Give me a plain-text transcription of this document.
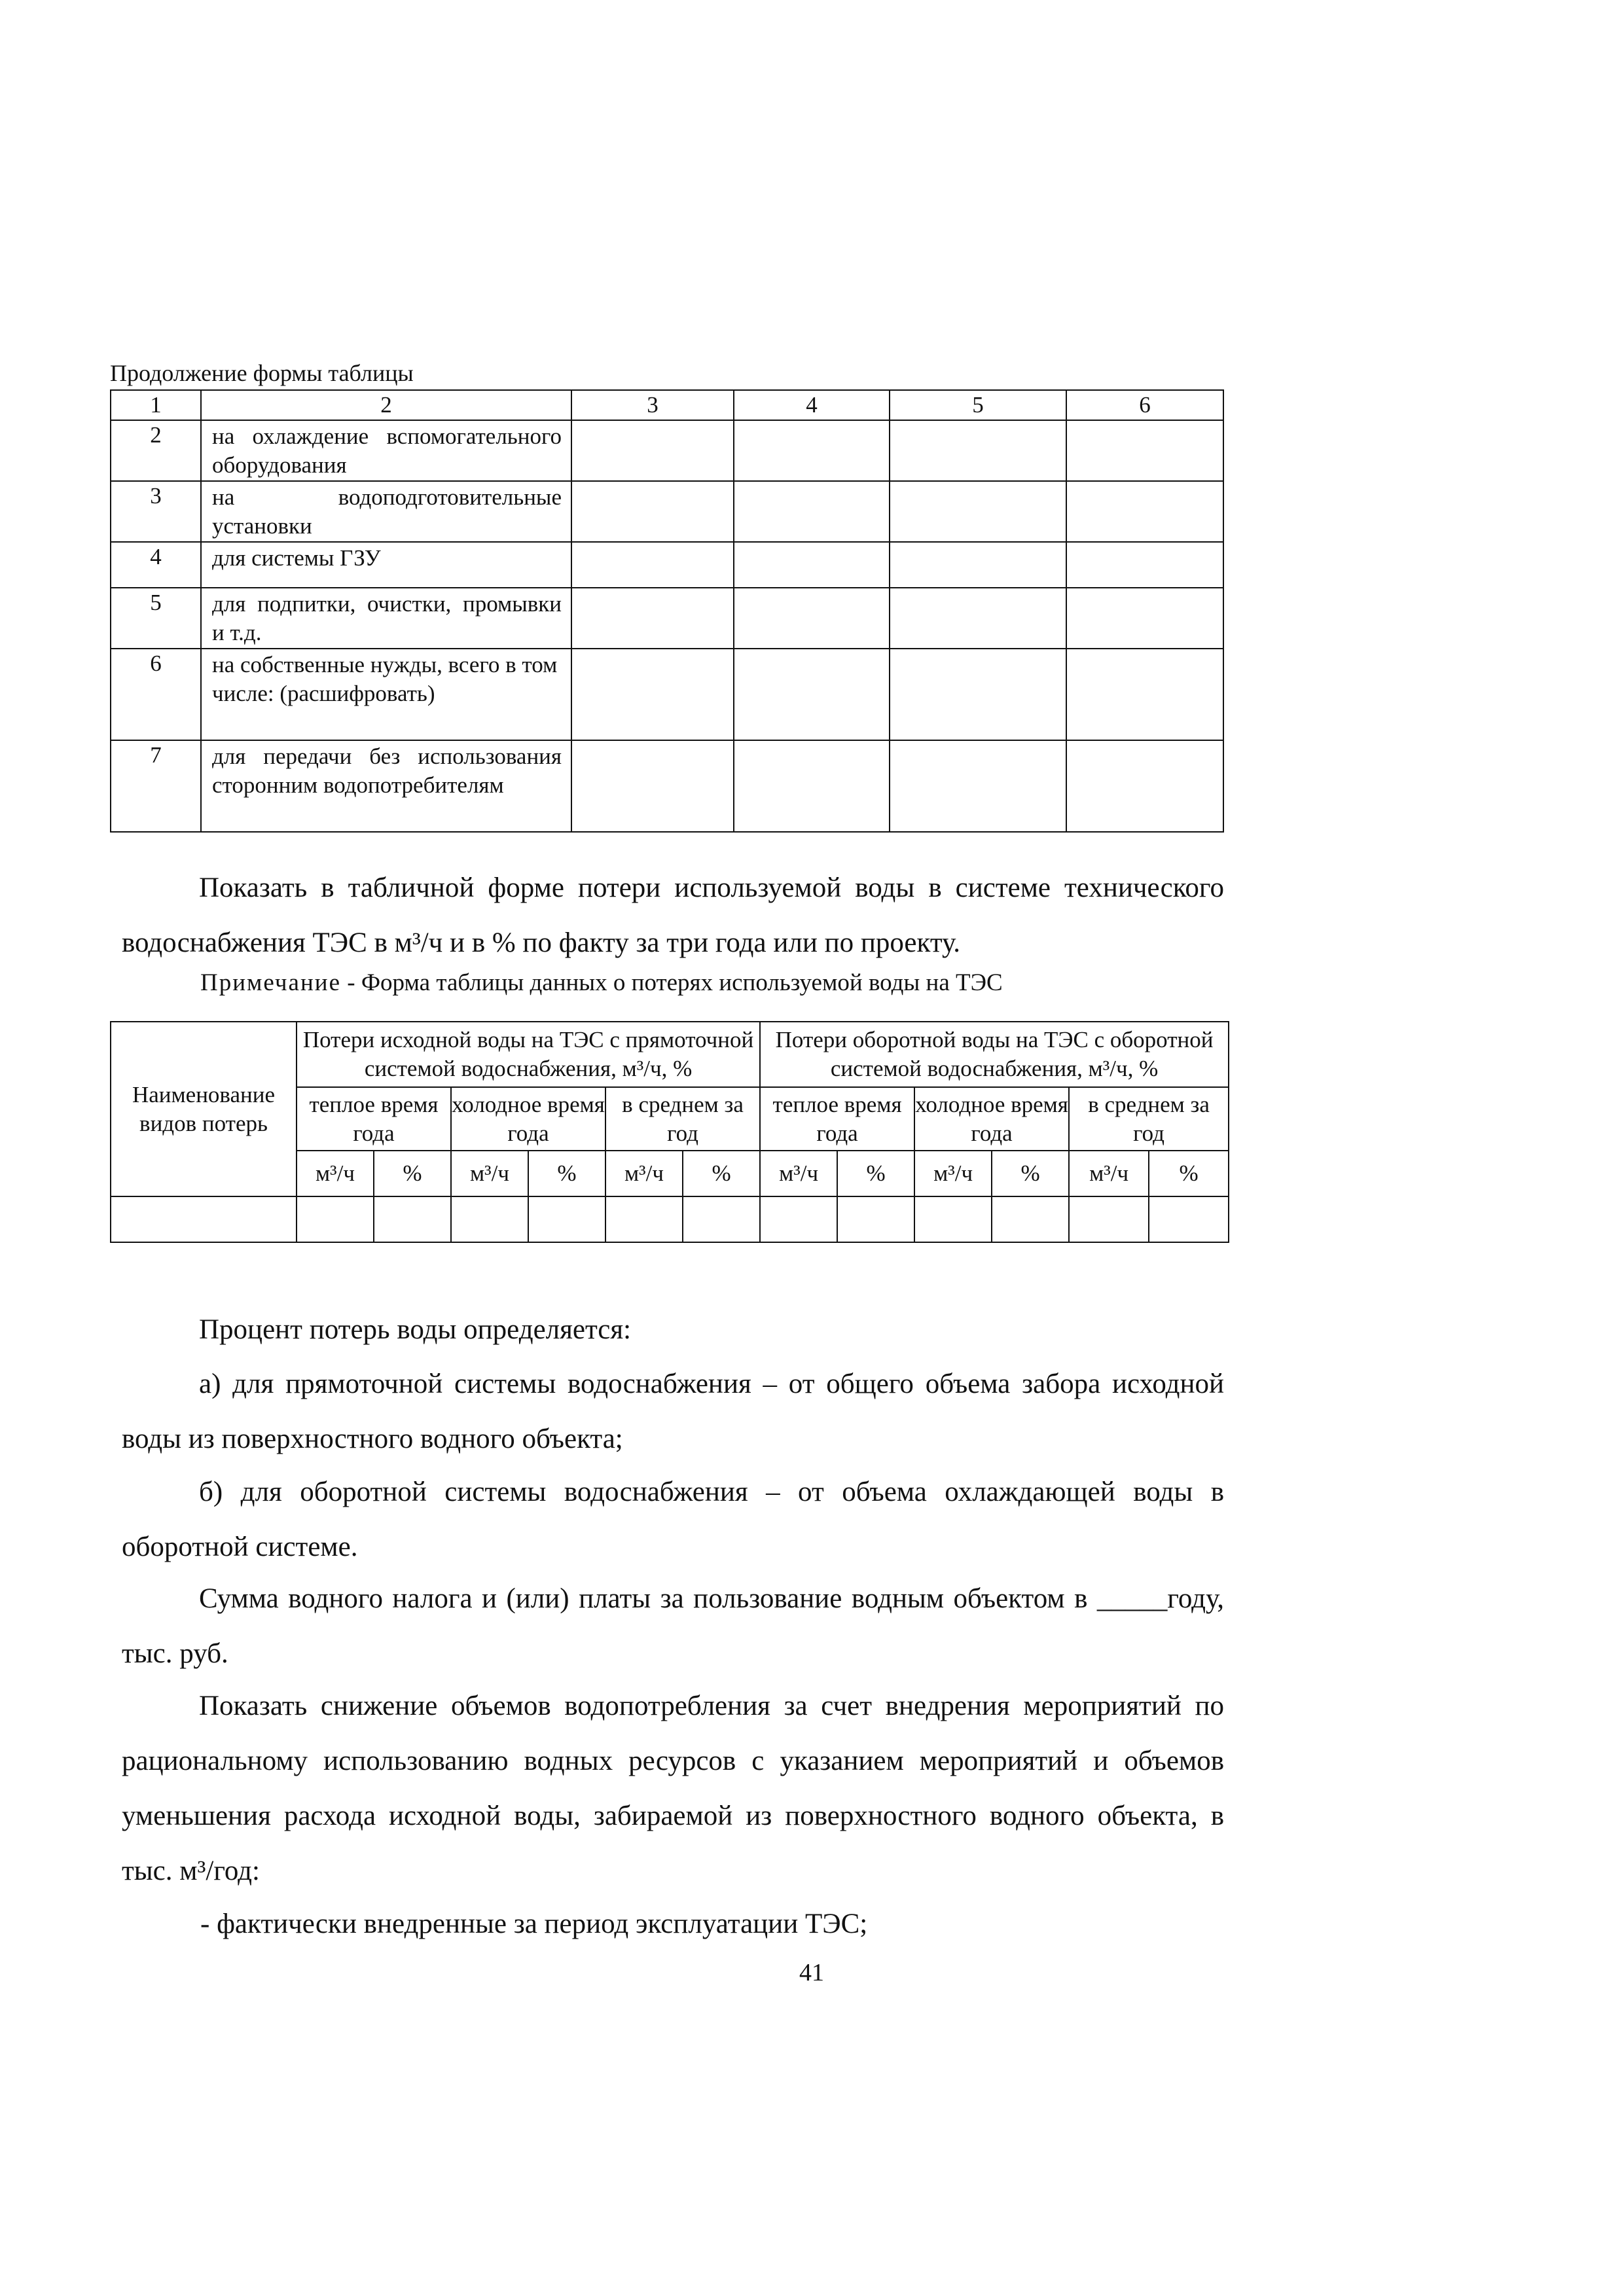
Продолжение формы таблицы
1	2	3	4	5	6
2	на охлаждение вспомогательного оборудования				
3	на водоподготовительные установки				
4	для системы ГЗУ				
5	для подпитки, очистки, промывки и т.д.				
6	на собственные нужды, всего в том числе: (расшифровать)				
7	для передачи без использования сторонним водопотребителям				
Показать в табличной форме потери используемой воды в системе технического водоснабжения ТЭС в м³/ч и в % по факту за три года или по проекту.
Примечание - Форма таблицы данных о потерях используемой воды на ТЭС
Наименование видов потерь	Потери исходной воды на ТЭС с прямоточной системой водоснабжения, м³/ч, %						Потери оборотной воды на ТЭС с оборотной системой водоснабжения, м³/ч, %					
	теплое время года		холодное время года		в среднем за год		теплое время года		холодное время года		в среднем за год	
	м³/ч	%	м³/ч	%	м³/ч	%	м³/ч	%	м³/ч	%	м³/ч	%

Процент потерь воды определяется:
а) для прямоточной системы водоснабжения – от общего объема забора исходной воды из поверхностного водного объекта;
б) для оборотной системы водоснабжения – от объема охлаждающей воды в оборотной системе.
Сумма водного налога и (или) платы за пользование водным объектом в _____году, тыс. руб.
Показать снижение объемов водопотребления за счет внедрения мероприятий по рациональному использованию водных ресурсов с указанием мероприятий и объемов уменьшения расхода исходной воды, забираемой из поверхностного водного объекта, в тыс. м³/год:
- фактически внедренные за период эксплуатации ТЭС;
41
